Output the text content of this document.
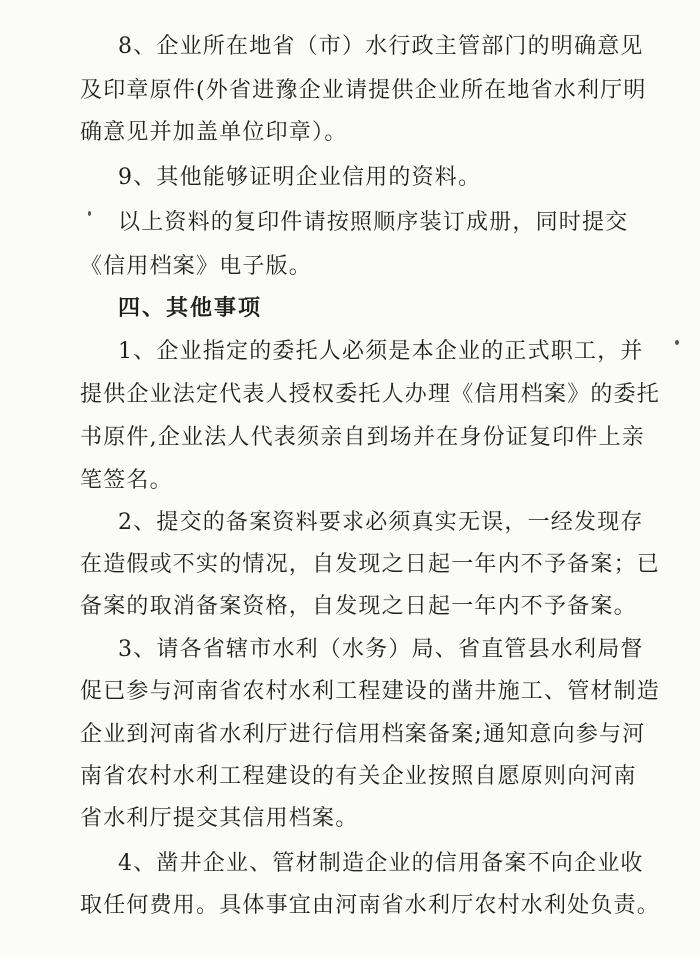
8、企业所在地省（市）水行政主管部门的明确意见
及印章原件(外省进豫企业请提供企业所在地省水利厅明
确意见并加盖单位印章）。
9、其他能够证明企业信用的资料。
以上资料的复印件请按照顺序装订成册，同时提交
《信用档案》电子版。
四、其他事项
1、企业指定的委托人必须是本企业的正式职工，并
提供企业法定代表人授权委托人办理《信用档案》的委托
书原件,企业法人代表须亲自到场并在身份证复印件上亲
笔签名。
2、提交的备案资料要求必须真实无误，一经发现存
在造假或不实的情况，自发现之日起一年内不予备案；已
备案的取消备案资格，自发现之日起一年内不予备案。
3、请各省辖市水利（水务）局、省直管县水利局督
促已参与河南省农村水利工程建设的凿井施工、管材制造
企业到河南省水利厅进行信用档案备案;通知意向参与河
南省农村水利工程建设的有关企业按照自愿原则向河南
省水利厅提交其信用档案。
4、凿井企业、管材制造企业的信用备案不向企业收
取任何费用。具体事宜由河南省水利厅农村水利处负责。
